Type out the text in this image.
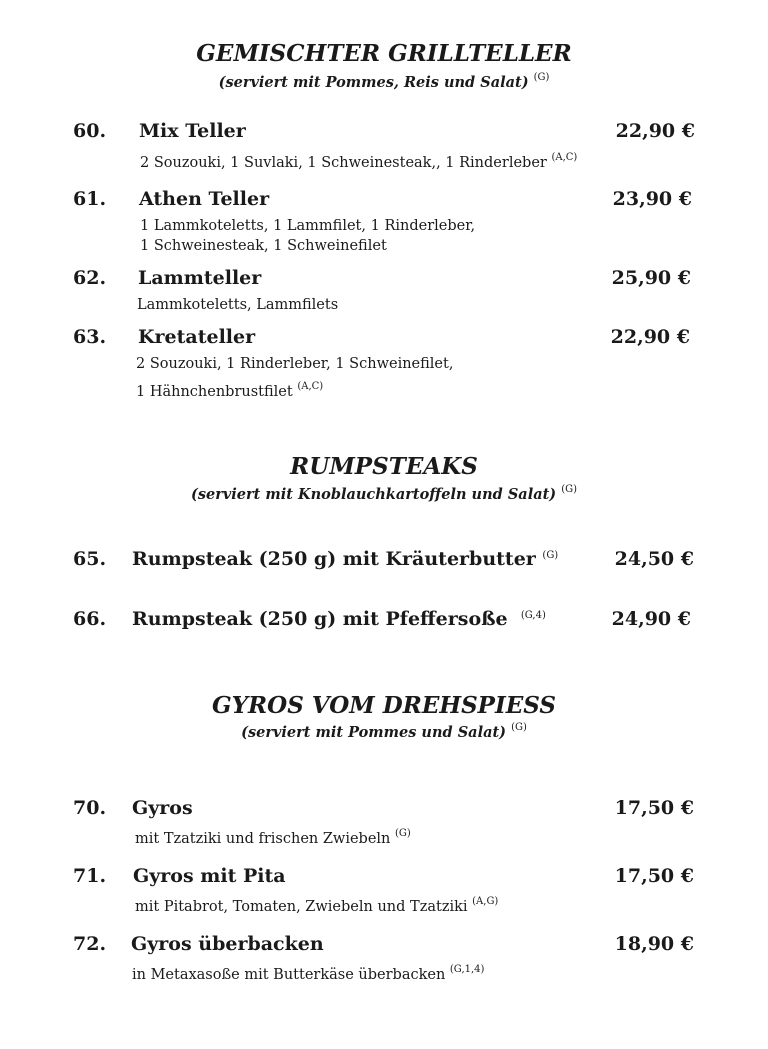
GEMISCHTER GRILLTELLER
(serviert mit Pommes, Reis und Salat) $^{(G)}$
60. Mix Teller	22,90 €
2 Souzouki, 1 Suvlaki, 1 Schweinesteak,, 1 Rinderleber $^{(A,C)}$
61. Athen Teller	23,90 €
1 Lammkoteletts, 1 Lammfilet, 1 Rinderleber,
1 Schweinesteak, 1 Schweinefilet
62. Lammteller	25,90 €
Lammkoteletts, Lammfilets
63. Kretateller	22,90 €
2 Souzouki, 1 Rinderleber, 1 Schweinefilet,
1 Hähnchenbrustfilet $^{(A,C)}$
RUMPSTEAKS
(serviert mit Knoblauchkartoffeln und Salat) $^{(G)}$
65. Rumpsteak (250 g) mit Kräuterbutter $^{(G)}$	24,50 €
66. Rumpsteak (250 g) mit Pfeffersoße $^{(G,4)}$	24,90 €
GYROS VOM DREHSPIESS
(serviert mit Pommes und Salat) $^{(G)}$
70. Gyros	17,50 €
mit Tzatziki und frischen Zwiebeln $^{(G)}$
71. Gyros mit Pita	17,50 €
mit Pitabrot, Tomaten, Zwiebeln und Tzatziki $^{(A,G)}$
72. Gyros überbacken	18,90 €
in Metaxasoße mit Butterkäse überbacken $^{(G,1,4)}$
